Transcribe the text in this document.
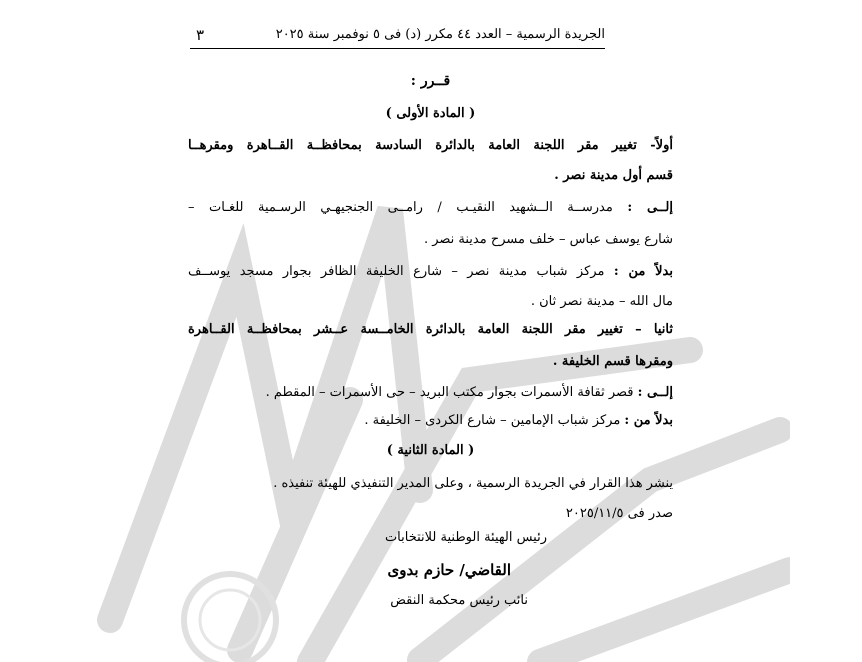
٣	الجريدة الرسمية – العدد ٤٤ مكرر (د) فى ٥ نوفمبر سنة ٢٠٢٥
قــرر :
( المادة الأولى )
أولاً- تغيير مقر اللجنة العامة بالدائرة السادسة بمحافظــة القــاهرة ومقرهــا
قسم أول مدينة نصر .
إلــى : مدرســة الــشهيد النقيـب / رامــى الجنجيهـي الرسـمية للغـات –
شارع يوسف عباس – خلف مسرح مدينة نصر .
بدلاً من : مركز شباب مدينة نصر – شارع الخليفة الظافر بجوار مسجد يوســف
مال الله – مدينة نصر ثان .
ثانيا – تغيير مقر اللجنة العامة بالدائرة الخامــسة عــشر بمحافظــة القــاهرة
ومقرها قسم الخليفة .
إلــى : قصر ثقافة الأسمرات بجوار مكتب البريد – حى الأسمرات – المقطم .
بدلاً من : مركز شباب الإمامين – شارع الكردى – الخليفة .
( المادة الثانية )
ينشر هذا القرار في الجريدة الرسمية ، وعلى المدير التنفيذي للهيئة تنفيذه .
صدر فى ٢٠٢٥/١١/٥
رئيس الهيئة الوطنية للانتخابات
القاضي/ حازم بدوى
نائب رئيس محكمة النقض
